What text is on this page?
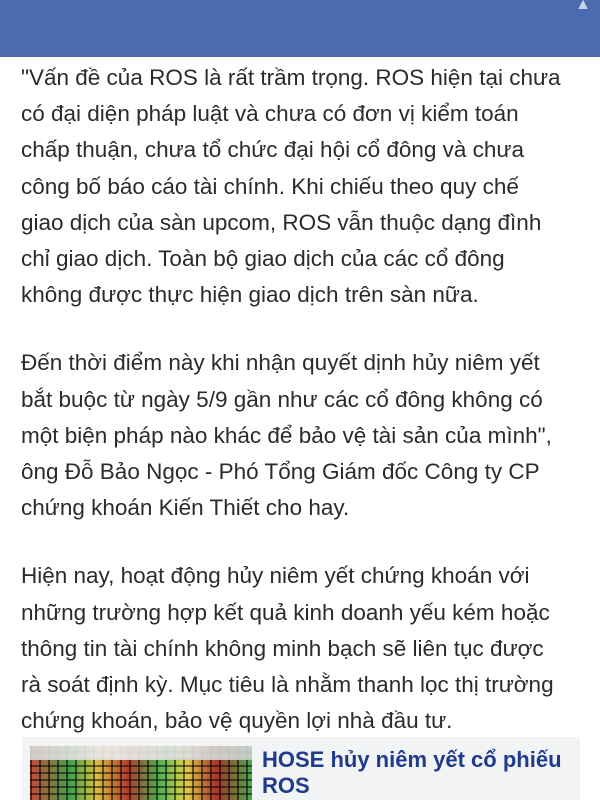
▲

"Vấn đề của ROS là rất trầm trọng. ROS hiện tại chưa
có đại diện pháp luật và chưa có đơn vị kiểm toán
chấp thuận, chưa tổ chức đại hội cổ đông và chưa
công bố báo cáo tài chính. Khi chiếu theo quy chế
giao dịch của sàn upcom, ROS vẫn thuộc dạng đình
chỉ giao dịch. Toàn bộ giao dịch của các cổ đông
không được thực hiện giao dịch trên sàn nữa.

Đến thời điểm này khi nhận quyết dịnh hủy niêm yết
bắt buộc từ ngày 5/9 gần như các cổ đông không có
một biện pháp nào khác để bảo vệ tài sản của mình",
ông Đỗ Bảo Ngọc - Phó Tổng Giám đốc Công ty CP
chứng khoán Kiến Thiết cho hay.

Hiện nay, hoạt động hủy niêm yết chứng khoán với
những trường hợp kết quả kinh doanh yếu kém hoặc
thông tin tài chính không minh bạch sẽ liên tục được
rà soát định kỳ. Mục tiêu là nhằm thanh lọc thị trường
chứng khoán, bảo vệ quyền lợi nhà đầu tư.

HOSE hủy niêm yết cổ phiếu
ROS
